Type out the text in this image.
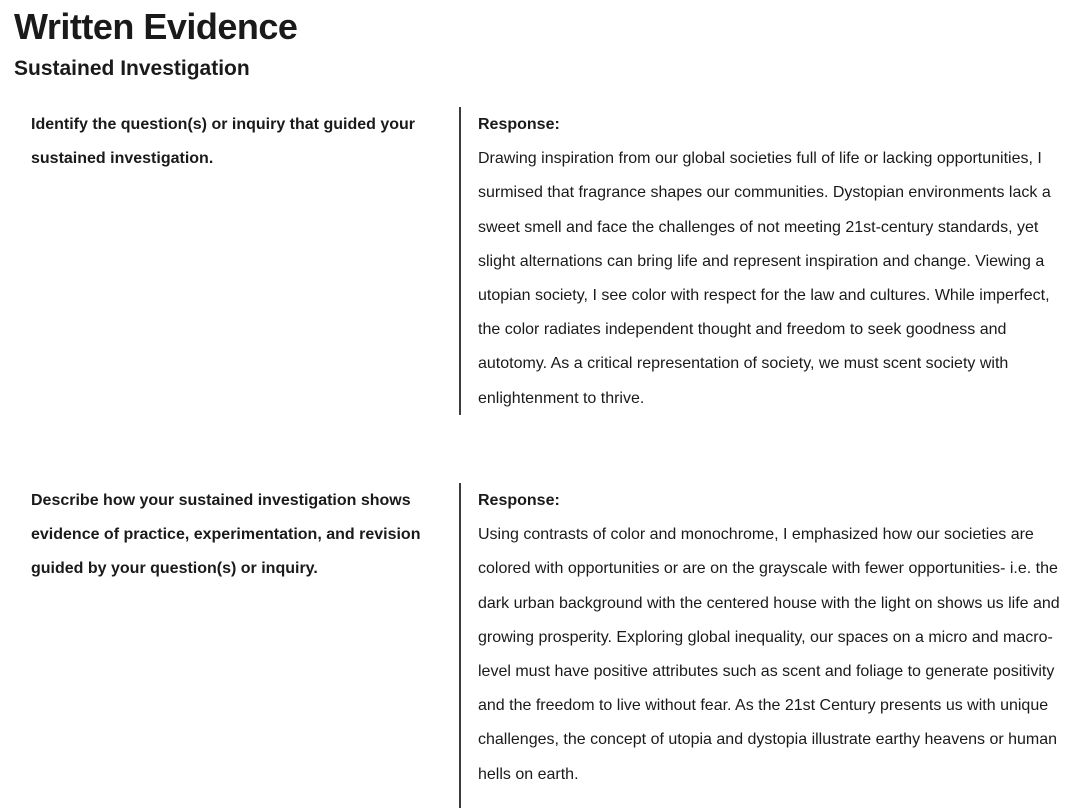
Written Evidence
Sustained Investigation
Identify the question(s) or inquiry that guided your sustained investigation.
Response:
Drawing inspiration from our global societies full of life or lacking opportunities, I surmised that fragrance shapes our communities. Dystopian environments lack a sweet smell and face the challenges of not meeting 21st-century standards, yet slight alternations can bring life and represent inspiration and change. Viewing a utopian society, I see color with respect for the law and cultures. While imperfect, the color radiates independent thought and freedom to seek goodness and autotomy. As a critical representation of society, we must scent society with enlightenment to thrive.
Describe how your sustained investigation shows evidence of practice, experimentation, and revision guided by your question(s) or inquiry.
Response:
Using contrasts of color and monochrome, I emphasized how our societies are colored with opportunities or are on the grayscale with fewer opportunities- i.e. the dark urban background with the centered house with the light on shows us life and growing prosperity. Exploring global inequality, our spaces on a micro and macro-level must have positive attributes such as scent and foliage to generate positivity and the freedom to live without fear. As the 21st Century presents us with unique challenges, the concept of utopia and dystopia illustrate earthy heavens or human hells on earth.
